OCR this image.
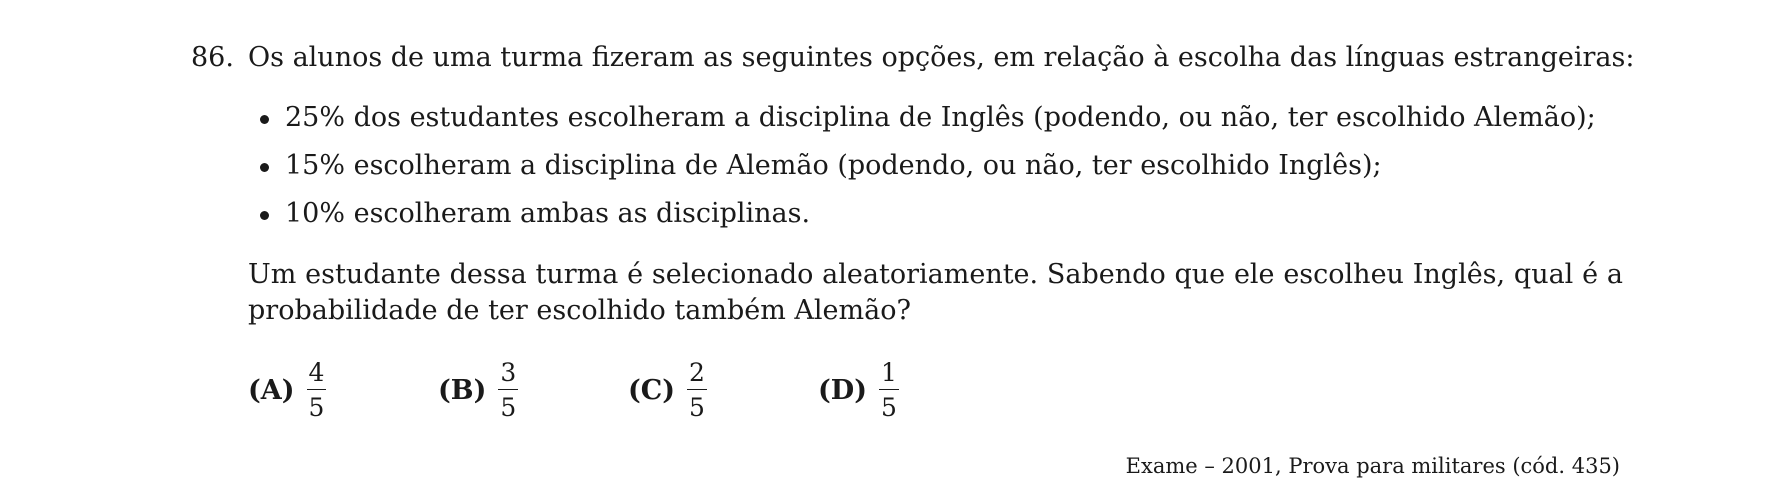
86. Os alunos de uma turma fizeram as seguintes opções, em relação à escolha das línguas estrangeiras:
25% dos estudantes escolheram a disciplina de Inglês (podendo, ou não, ter escolhido Alemão);
15% escolheram a disciplina de Alemão (podendo, ou não, ter escolhido Inglês);
10% escolheram ambas as disciplinas.
Um estudante dessa turma é selecionado aleatoriamente. Sabendo que ele escolheu Inglês, qual é a probabilidade de ter escolhido também Alemão?
$(A) \frac{4}{5}$	$(B) \frac{3}{5}$	$(C) \frac{2}{5}$	$(D) \frac{1}{5}$
Exame – 2001, Prova para militares (cód. 435)
